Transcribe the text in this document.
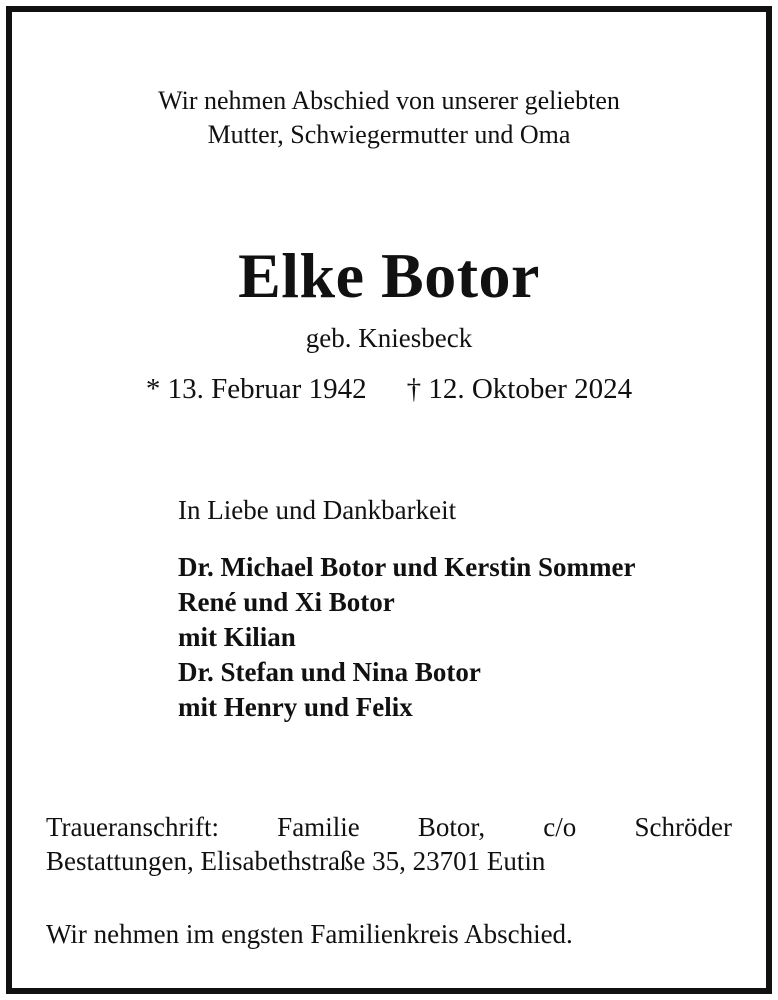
Wir nehmen Abschied von unserer geliebten
Mutter, Schwiegermutter und Oma
Elke Botor
geb. Kniesbeck
* 13. Februar 1942 † 12. Oktober 2024
In Liebe und Dankbarkeit
Dr. Michael Botor und Kerstin Sommer
René und Xi Botor
mit Kilian
Dr. Stefan und Nina Botor
mit Henry und Felix
Traueranschrift: Familie Botor, c/o Schröder
Bestattungen, Elisabethstraße 35, 23701 Eutin
Wir nehmen im engsten Familienkreis Abschied.
